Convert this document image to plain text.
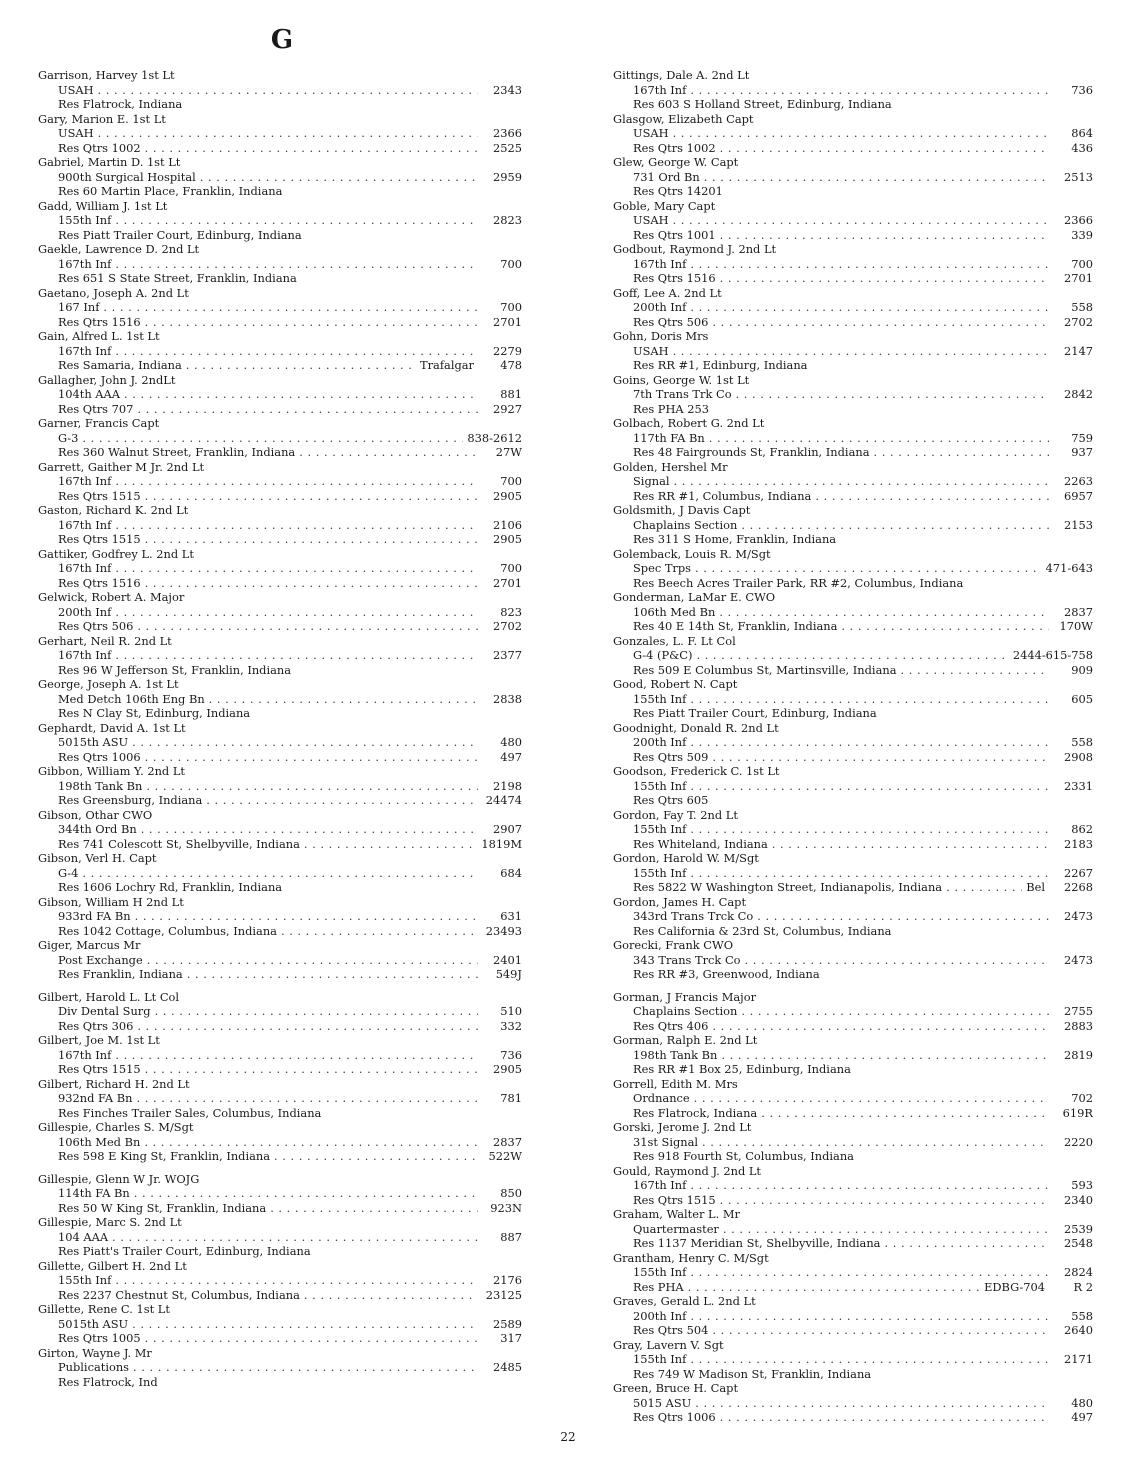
G
Garrison, Harvey 1st Lt
USAH . . .	2343
Res Flatrock, Indiana
Gary, Marion E. 1st Lt
USAH . . .	2366
Res Qtrs 1002 . . .	2525
Gabriel, Martin D. 1st Lt
900th Surgical Hospital . . .	2959
Res 60 Martin Place, Franklin, Indiana
Gadd, William J. 1st Lt
155th Inf . . .	2823
Res Piatt Trailer Court, Edinburg, Indiana
Gaekle, Lawrence D. 2nd Lt
167th Inf . . .	700
Res 651 S State Street, Franklin, Indiana
Gaetano, Joseph A. 2nd Lt
167 Inf . . .	700
Res Qtrs 1516 . . .	2701
Gain, Alfred L. 1st Lt
167th Inf . . .	2279
Res Samaria, Indiana . . .	Trafalgar	478
Gallagher, John J. 2ndLt
104th AAA . . .	881
Res Qtrs 707 . . .	2927
Garner, Francis Capt
G-3 . . .	838-2612
Res 360 Walnut Street, Franklin, Indiana . . .	27W
Garrett, Gaither M Jr. 2nd Lt
167th Inf . . .	700
Res Qtrs 1515 . . .	2905
Gaston, Richard K. 2nd Lt
167th Inf . . .	2106
Res Qtrs 1515 . . .	2905
Gattiker, Godfrey L. 2nd Lt
167th Inf . . .	700
Res Qtrs 1516 . . .	2701
Gelwick, Robert A. Major
200th Inf . . .	823
Res Qtrs 506 . . .	2702
Gerhart, Neil R. 2nd Lt
167th Inf . . .	2377
Res 96 W Jefferson St, Franklin, Indiana
George, Joseph A. 1st Lt
Med Detch 106th Eng Bn . . .	2838
Res N Clay St, Edinburg, Indiana
Gephardt, David A. 1st Lt
5015th ASU . . .	480
Res Qtrs 1006 . . .	497
Gibbon, William Y. 2nd Lt
198th Tank Bn . . .	2198
Res Greensburg, Indiana . . .	24474
Gibson, Othar CWO
344th Ord Bn . . .	2907
Res 741 Colescott St, Shelbyville, Indiana . . .	1819M
Gibson, Verl H. Capt
G-4 . . .	684
Res 1606 Lochry Rd, Franklin, Indiana
Gibson, William H 2nd Lt
933rd FA Bn . . .	631
Res 1042 Cottage, Columbus, Indiana . . .	23493
Giger, Marcus Mr
Post Exchange . . .	2401
Res Franklin, Indiana . . .	549J
Gilbert, Harold L. Lt Col
Div Dental Surg . . .	510
Res Qtrs 306 . . .	332
Gilbert, Joe M. 1st Lt
167th Inf . . .	736
Res Qtrs 1515 . . .	2905
Gilbert, Richard H. 2nd Lt
932nd FA Bn . . .	781
Res Finches Trailer Sales, Columbus, Indiana
Gillespie, Charles S. M/Sgt
106th Med Bn . . .	2837
Res 598 E King St, Franklin, Indiana . . .	522W
Gillespie, Glenn W Jr. WOJG
114th FA Bn . . .	850
Res 50 W King St, Franklin, Indiana . . .	923N
Gillespie, Marc S. 2nd Lt
104 AAA . . .	887
Res Piatt's Trailer Court, Edinburg, Indiana
Gillette, Gilbert H. 2nd Lt
155th Inf . . .	2176
Res 2237 Chestnut St, Columbus, Indiana . . .	23125
Gillette, Rene C. 1st Lt
5015th ASU . . .	2589
Res Qtrs 1005 . . .	317
Girton, Wayne J. Mr
Publications . . .	2485
Res Flatrock, Ind
Gittings, Dale A. 2nd Lt
167th Inf . . .	736
Res 603 S Holland Street, Edinburg, Indiana
Glasgow, Elizabeth Capt
USAH . . .	864
Res Qtrs 1002 . . .	436
Glew, George W. Capt
731 Ord Bn . . .	2513
Res Qtrs 14201
Goble, Mary Capt
USAH . . .	2366
Res Qtrs 1001 . . .	339
Godbout, Raymond J. 2nd Lt
167th Inf . . .	700
Res Qtrs 1516 . . .	2701
Goff, Lee A. 2nd Lt
200th Inf . . .	558
Res Qtrs 506 . . .	2702
Gohn, Doris Mrs
USAH . . .	2147
Res RR #1, Edinburg, Indiana
Goins, George W. 1st Lt
7th Trans Trk Co . . .	2842
Res PHA 253
Golbach, Robert G. 2nd Lt
117th FA Bn . . .	759
Res 48 Fairgrounds St, Franklin, Indiana . . .	937
Golden, Hershel Mr
Signal . . .	2263
Res RR #1, Columbus, Indiana . . .	6957
Goldsmith, J Davis Capt
Chaplains Section . . .	2153
Res 311 S Home, Franklin, Indiana
Golemback, Louis R. M/Sgt
Spec Trps . . .	471-643
Res Beech Acres Trailer Park, RR #2, Columbus, Indiana
Gonderman, LaMar E. CWO
106th Med Bn . . .	2837
Res 40 E 14th St, Franklin, Indiana . . .	170W
Gonzales, L. F. Lt Col
G-4 (P&C) . . .	2444-615-758
Res 509 E Columbus St, Martinsville, Indiana . . .	909
Good, Robert N. Capt
155th Inf . . .	605
Res Piatt Trailer Court, Edinburg, Indiana
Goodnight, Donald R. 2nd Lt
200th Inf . . .	558
Res Qtrs 509 . . .	2908
Goodson, Frederick C. 1st Lt
155th Inf . . .	2331
Res Qtrs 605
Gordon, Fay T. 2nd Lt
155th Inf . . .	862
Res Whiteland, Indiana . . .	2183
Gordon, Harold W. M/Sgt
155th Inf . . .	2267
Res 5822 W Washington Street, Indianapolis, Indiana . . .	Bel	2268
Gordon, James H. Capt
343rd Trans Trck Co . . .	2473
Res California & 23rd St, Columbus, Indiana
Gorecki, Frank CWO
343 Trans Trck Co . . .	2473
Res RR #3, Greenwood, Indiana
Gorman, J Francis Major
Chaplains Section . . .	2755
Res Qtrs 406 . . .	2883
Gorman, Ralph E. 2nd Lt
198th Tank Bn . . .	2819
Res RR #1 Box 25, Edinburg, Indiana
Gorrell, Edith M. Mrs
Ordnance . . .	702
Res Flatrock, Indiana . . .	619R
Gorski, Jerome J. 2nd Lt
31st Signal . . .	2220
Res 918 Fourth St, Columbus, Indiana
Gould, Raymond J. 2nd Lt
167th Inf . . .	593
Res Qtrs 1515 . . .	2340
Graham, Walter L. Mr
Quartermaster . . .	2539
Res 1137 Meridian St, Shelbyville, Indiana . . .	2548
Grantham, Henry C. M/Sgt
155th Inf . . .	2824
Res PHA . . .	EDBG-704	R 2
Graves, Gerald L. 2nd Lt
200th Inf . . .	558
Res Qtrs 504 . . .	2640
Gray, Lavern V. Sgt
155th Inf . . .	2171
Res 749 W Madison St, Franklin, Indiana
Green, Bruce H. Capt
5015 ASU . . .	480
Res Qtrs 1006 . . .	497
22
